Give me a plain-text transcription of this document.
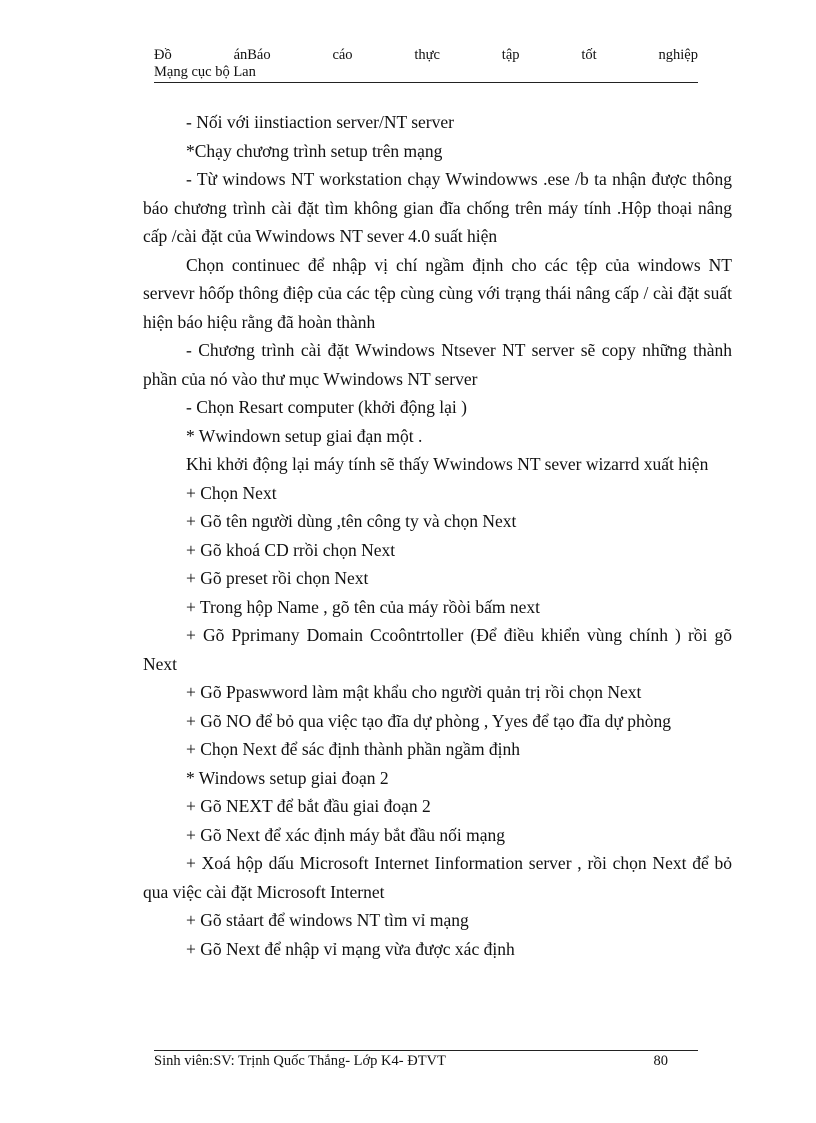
Đồ	ánBáo	cáo	thực	tập	tốt	nghiệp
Mạng cục bộ Lan

- Nối với iinstiaction server/NT server

*Chạy chương trình setup trên mạng

- Từ windows NT workstation chạy Wwindowws .ese /b ta nhận được thông báo chương trình cài đặt tìm không gian đĩa chống trên máy tính .Hộp thoại nâng cấp /cài đặt của Wwindows NT sever 4.0 suất hiện

Chọn continuec để nhập vị chí ngầm định cho các tệp của windows NT servevr hôốp thông điệp của các tệp cùng cùng với trạng thái nâng cấp / cài đặt suất hiện báo hiệu rằng đã hoàn thành

- Chương trình cài đặt Wwindows Ntsever NT server sẽ copy những thành phần của nó vào thư mục Wwindows NT server

- Chọn Resart computer (khởi động lại )

* Wwindown setup giai đạn một .

Khi khởi động lại máy tính sẽ thấy Wwindows NT sever wizarrd xuất hiện

+ Chọn Next

+ Gõ tên người dùng ,tên công ty và chọn Next

+ Gõ khoá CD rrồi chọn Next

+ Gõ preset rồi chọn Next

+ Trong hộp Name , gõ tên của máy rồòi bấm next

+ Gõ Pprimany Domain Ccoôntrtoller (Để điều khiển vùng chính ) rồi gõ Next

+ Gõ Ppaswword làm mật khẩu cho người quản trị rồi chọn Next

+ Gõ NO để bỏ qua việc tạo đĩa dự phòng , Yyes để tạo đĩa dự phòng

+ Chọn Next để sác định thành phần ngầm định

* Windows setup giai đoạn 2

+ Gõ NEXT để bắt đầu giai đoạn 2

+ Gõ Next để xác định máy bắt đầu nối mạng

+ Xoá hộp dấu Microsoft Internet Iinformation server , rồi chọn Next để bỏ qua việc cài đặt Microsoft Internet

+ Gõ stảart để windows NT tìm vỉ mạng

+ Gõ Next để nhập vỉ mạng vừa được xác định

Sinh viên:SV: Trịnh Quốc Thắng- Lớp K4- ĐTVT	80
